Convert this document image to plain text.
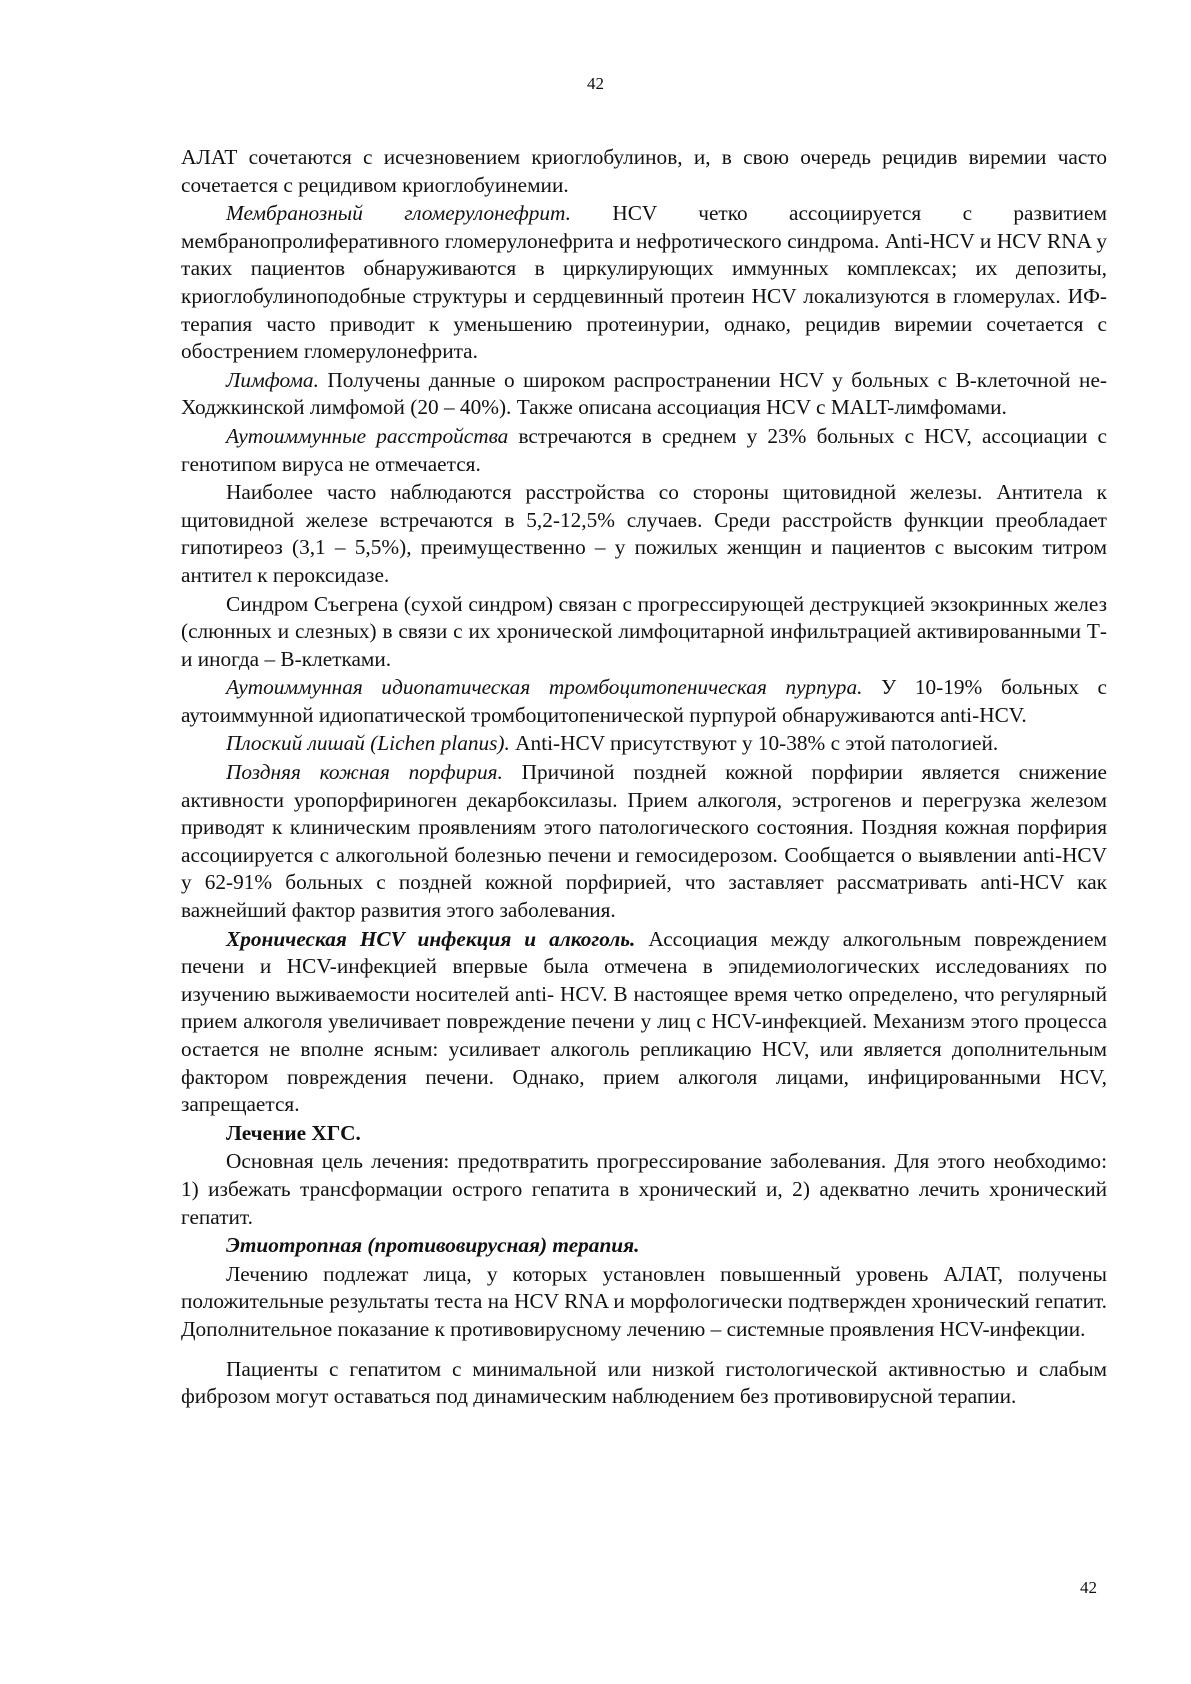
42

АЛАТ сочетаются с исчезновением криоглобулинов, и, в свою очередь рецидив виремии часто сочетается с рецидивом криоглобуинемии.

Мембранозный гломерулонефрит. HCV четко ассоциируется с развитием мембранопролиферативного гломерулонефрита и нефротического синдрома. Anti-HCV и HCV RNA у таких пациентов обнаруживаются в циркулирующих иммунных комплексах; их депозиты, криоглобулиноподобные структуры и сердцевинный протеин HCV локализуются в гломерулах. ИФ-терапия часто приводит к уменьшению протеинурии, однако, рецидив виремии сочетается с обострением гломерулонефрита.

Лимфома. Получены данные о широком распространении HCV у больных с В-клеточной не-Ходжкинской лимфомой (20 – 40%). Также описана ассоциация HCV с MALT-лимфомами.

Аутоиммунные расстройства встречаются в среднем у 23% больных с HCV, ассоциации с генотипом вируса не отмечается.

Наиболее часто наблюдаются расстройства со стороны щитовидной железы. Антитела к щитовидной железе встречаются в 5,2-12,5% случаев. Среди расстройств функции преобладает гипотиреоз (3,1 – 5,5%), преимущественно – у пожилых женщин и пациентов с высоким титром антител к пероксидазе.

Синдром Съегрена (сухой синдром) связан с прогрессирующей деструкцией экзокринных желез (слюнных и слезных) в связи с их хронической лимфоцитарной инфильтрацией активированными Т- и иногда – В-клетками.

Аутоиммунная идиопатическая тромбоцитопеническая пурпура. У 10-19% больных с аутоиммунной идиопатической тромбоцитопенической пурпурой обнаруживаются anti-HCV.

Плоский лишай (Lichen planus). Anti-HCV присутствуют у 10-38% с этой патологией.

Поздняя кожная порфирия. Причиной поздней кожной порфирии является снижение активности уропорфириноген декарбоксилазы. Прием алкоголя, эстрогенов и перегрузка железом приводят к клиническим проявлениям этого патологического состояния. Поздняя кожная порфирия ассоциируется с алкогольной болезнью печени и гемосидерозом. Сообщается о выявлении anti-HCV у 62-91% больных с поздней кожной порфирией, что заставляет рассматривать anti-HCV как важнейший фактор развития этого заболевания.

Хроническая HCV инфекция и алкоголь. Ассоциация между алкогольным повреждением печени и HCV-инфекцией впервые была отмечена в эпидемиологических исследованиях по изучению выживаемости носителей anti- HCV. В настоящее время четко определено, что регулярный прием алкоголя увеличивает повреждение печени у лиц с HCV-инфекцией. Механизм этого процесса остается не вполне ясным: усиливает алкоголь репликацию HCV, или является дополнительным фактором повреждения печени. Однако, прием алкоголя лицами, инфицированными HCV, запрещается.

Лечение ХГС.

Основная цель лечения: предотвратить прогрессирование заболевания. Для этого необходимо: 1) избежать трансформации острого гепатита в хронический и, 2) адекватно лечить хронический гепатит.

Этиотропная (противовирусная) терапия.

Лечению подлежат лица, у которых установлен повышенный уровень АЛАТ, получены положительные результаты теста на HCV RNA и морфологически подтвержден хронический гепатит. Дополнительное показание к противовирусному лечению – системные проявления HCV-инфекции.

Пациенты с гепатитом с минимальной или низкой гистологической активностью и слабым фиброзом могут оставаться под динамическим наблюдением без противовирусной терапии.

42
